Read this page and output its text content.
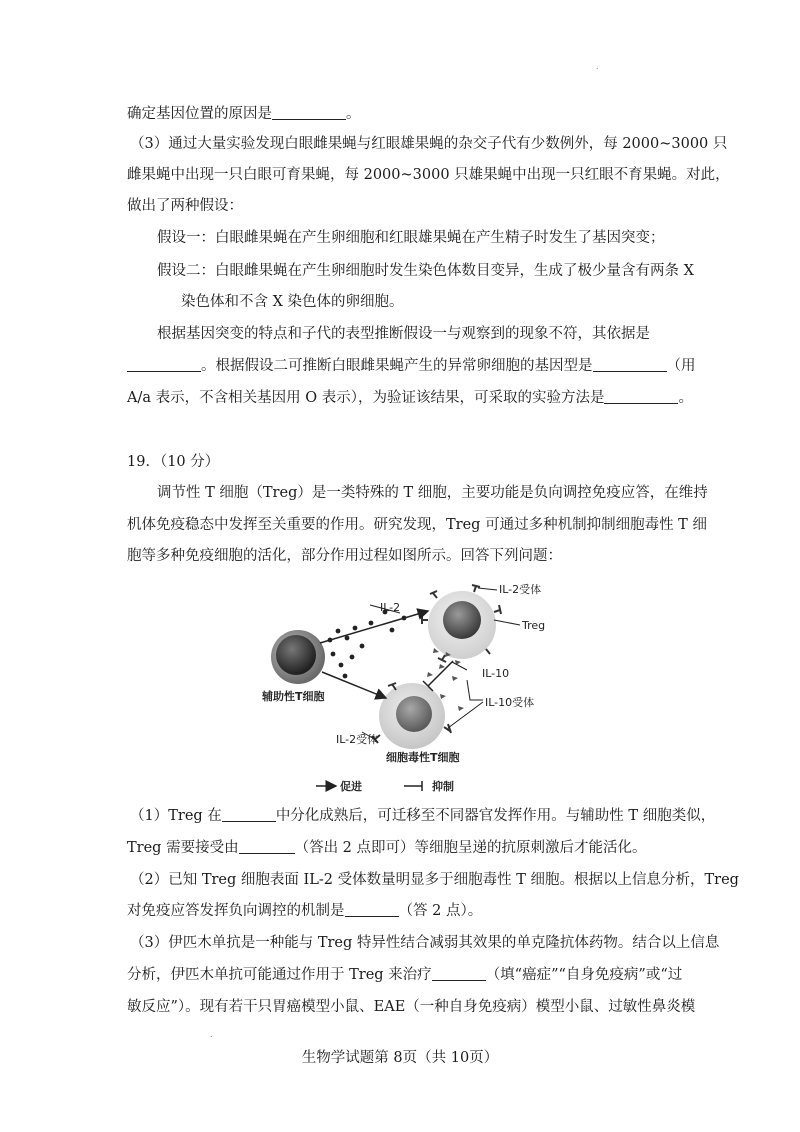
.
确定基因位置的原因是	。
（3）通过大量实验发现白眼雌果蝇与红眼雄果蝇的杂交子代有少数例外，每 2000~3000 只
雌果蝇中出现一只白眼可育果蝇，每 2000~3000 只雄果蝇中出现一只红眼不育果蝇。对此，
做出了两种假设：
假设一：白眼雌果蝇在产生卵细胞和红眼雄果蝇在产生精子时发生了基因突变；
假设二：白眼雌果蝇在产生卵细胞时发生染色体数目变异，生成了极少量含有两条 X
染色体和不含 X 染色体的卵细胞。
根据基因突变的特点和子代的表型推断假设一与观察到的现象不符，其依据是
。根据假设二可推断白眼雌果蝇产生的异常卵细胞的基因型是	（用
A/a 表示，不含相关基因用 O 表示），为验证该结果，可采取的实验方法是	。
19．（10 分）
调节性 T 细胞（Treg）是一类特殊的 T 细胞，主要功能是负向调控免疫应答，在维持
机体免疫稳态中发挥至关重要的作用。研究发现，Treg 可通过多种机制抑制细胞毒性 T 细
胞等多种免疫细胞的活化，部分作用过程如图所示。回答下列问题：
IL-2
IL-2受体
Treg
IL-10
IL-10受体
辅助性T细胞
IL-2受体
细胞毒性T细胞
促进	抑制
（1）Treg 在	中分化成熟后，可迁移至不同器官发挥作用。与辅助性 T 细胞类似，
Treg 需要接受由	（答出 2 点即可）等细胞呈递的抗原刺激后才能活化。
（2）已知 Treg 细胞表面 IL-2 受体数量明显多于细胞毒性 T 细胞。根据以上信息分析，Treg
对免疫应答发挥负向调控的机制是	（答 2 点）。
（3）伊匹木单抗是一种能与 Treg 特异性结合减弱其效果的单克隆抗体药物。结合以上信息
分析，伊匹木单抗可能通过作用于 Treg 来治疗	（填“癌症”“自身免疫病”或“过
敏反应”）。现有若干只胃癌模型小鼠、EAE（一种自身免疫病）模型小鼠、过敏性鼻炎模
.
生物学试题第 8页（共 10页）
